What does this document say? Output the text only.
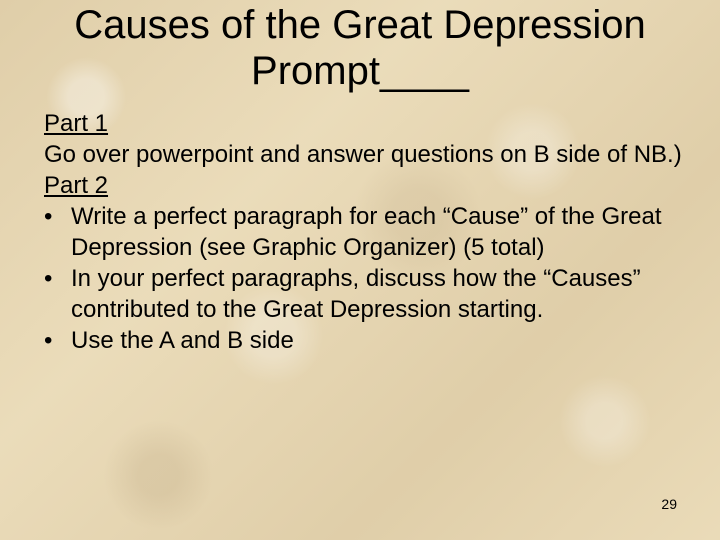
Causes of the Great Depression
Prompt____

Part 1

Go over powerpoint and answer questions on B side of NB.)

Part 2

• Write a perfect paragraph for each “Cause” of the Great Depression (see Graphic Organizer) (5 total)
• In your perfect paragraphs, discuss how the “Causes” contributed to the Great Depression starting.
• Use the A and B side
29
